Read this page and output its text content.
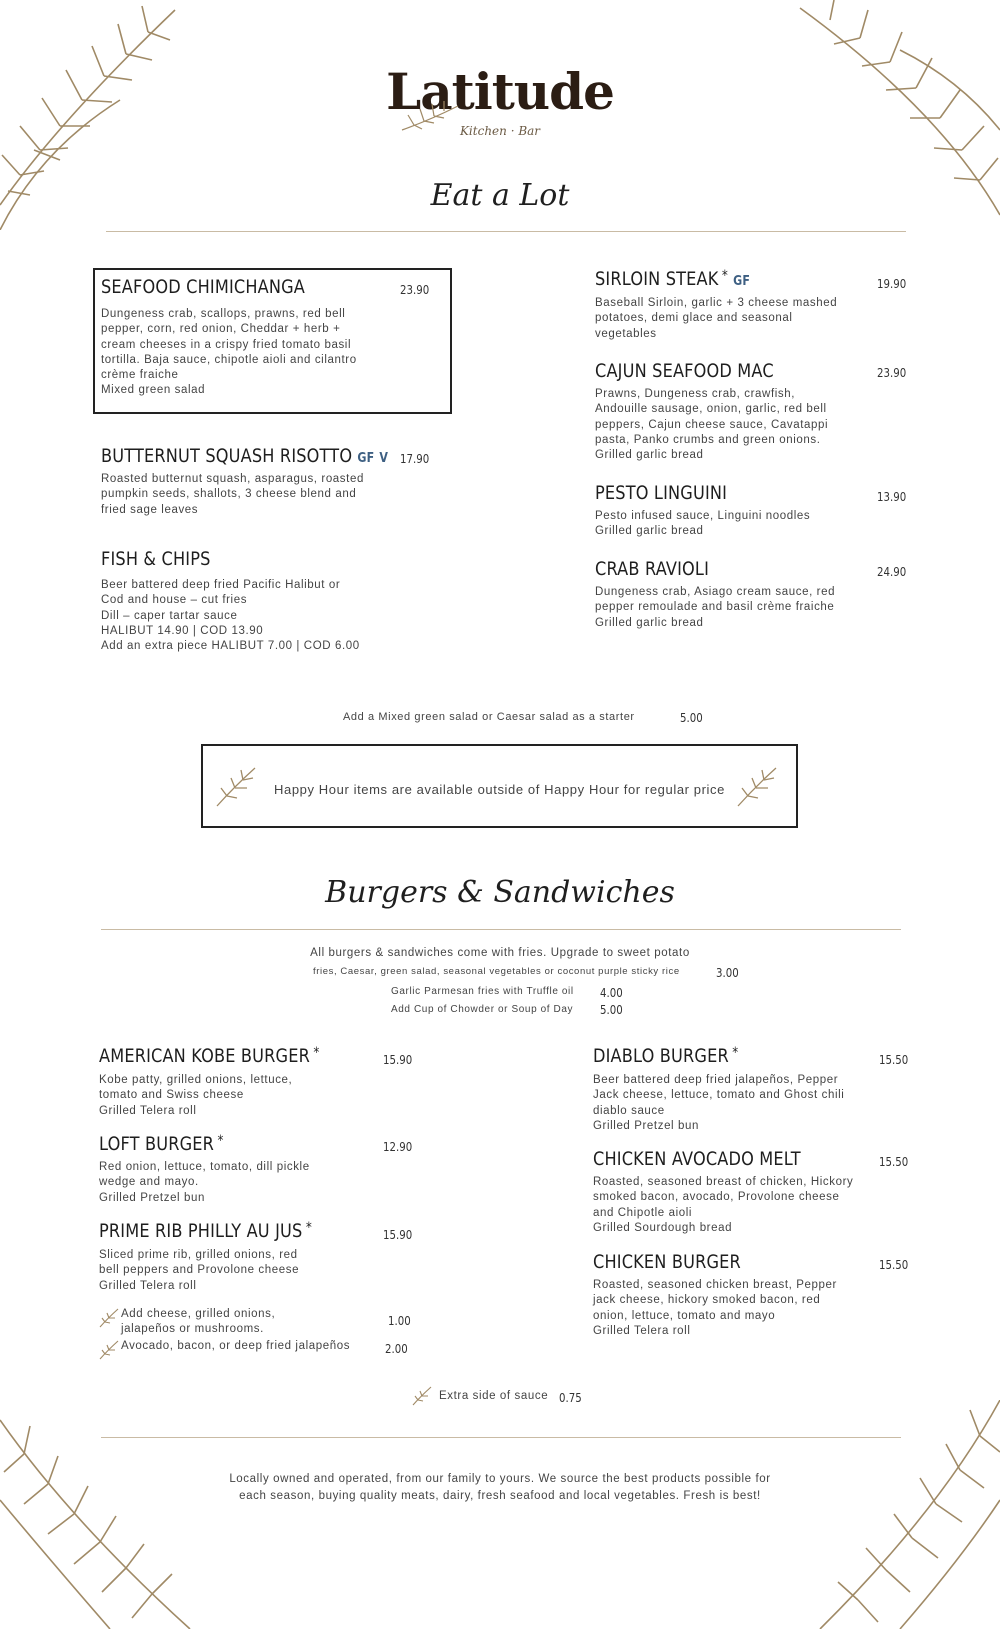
Latitude
Kitchen · Bar
Eat a Lot
SEAFOOD CHIMICHANGA	23.90
Dungeness crab, scallops, prawns, red bell
pepper, corn, red onion, Cheddar + herb +
cream cheeses in a crispy fried tomato basil
tortilla. Baja sauce, chipotle aioli and cilantro
crème fraiche
Mixed green salad
BUTTERNUT SQUASH RISOTTO GF V 17.90
Roasted butternut squash, asparagus, roasted
pumpkin seeds, shallots, 3 cheese blend and
fried sage leaves
FISH & CHIPS
Beer battered deep fried Pacific Halibut or
Cod and house – cut fries
Dill – caper tartar sauce
HALIBUT 14.90 | COD 13.90
Add an extra piece HALIBUT 7.00 | COD 6.00
SIRLOIN STEAK * GF	19.90
Baseball Sirloin, garlic + 3 cheese mashed
potatoes, demi glace and seasonal
vegetables
CAJUN SEAFOOD MAC	23.90
Prawns, Dungeness crab, crawfish,
Andouille sausage, onion, garlic, red bell
peppers, Cajun cheese sauce, Cavatappi
pasta, Panko crumbs and green onions.
Grilled garlic bread
PESTO LINGUINI	13.90
Pesto infused sauce, Linguini noodles
Grilled garlic bread
CRAB RAVIOLI	24.90
Dungeness crab, Asiago cream sauce, red
pepper remoulade and basil crème fraiche
Grilled garlic bread
Add a Mixed green salad or Caesar salad as a starter	5.00
Happy Hour items are available outside of Happy Hour for regular price
Burgers & Sandwiches
All burgers & sandwiches come with fries. Upgrade to sweet potato
fries, Caesar, green salad, seasonal vegetables or coconut purple sticky rice	3.00
Garlic Parmesan fries with Truffle oil 4.00
Add Cup of Chowder or Soup of Day 5.00
AMERICAN KOBE BURGER *	15.90
Kobe patty, grilled onions, lettuce,
tomato and Swiss cheese
Grilled Telera roll
LOFT BURGER *	12.90
Red onion, lettuce, tomato, dill pickle
wedge and mayo.
Grilled Pretzel bun
PRIME RIB PHILLY AU JUS *	15.90
Sliced prime rib, grilled onions, red
bell peppers and Provolone cheese
Grilled Telera roll
Add cheese, grilled onions,
jalapeños or mushrooms.
1.00
Avocado, bacon, or deep fried jalapeños	2.00
DIABLO BURGER *	15.50
Beer battered deep fried jalapeños, Pepper
Jack cheese, lettuce, tomato and Ghost chili
diablo sauce
Grilled Pretzel bun
CHICKEN AVOCADO MELT	15.50
Roasted, seasoned breast of chicken, Hickory
smoked bacon, avocado, Provolone cheese
and Chipotle aioli
Grilled Sourdough bread
CHICKEN BURGER	15.50
Roasted, seasoned chicken breast, Pepper
jack cheese, hickory smoked bacon, red
onion, lettuce, tomato and mayo
Grilled Telera roll
Extra side of sauce 0.75
Locally owned and operated, from our family to yours. We source the best products possible for
each season, buying quality meats, dairy, fresh seafood and local vegetables. Fresh is best!
